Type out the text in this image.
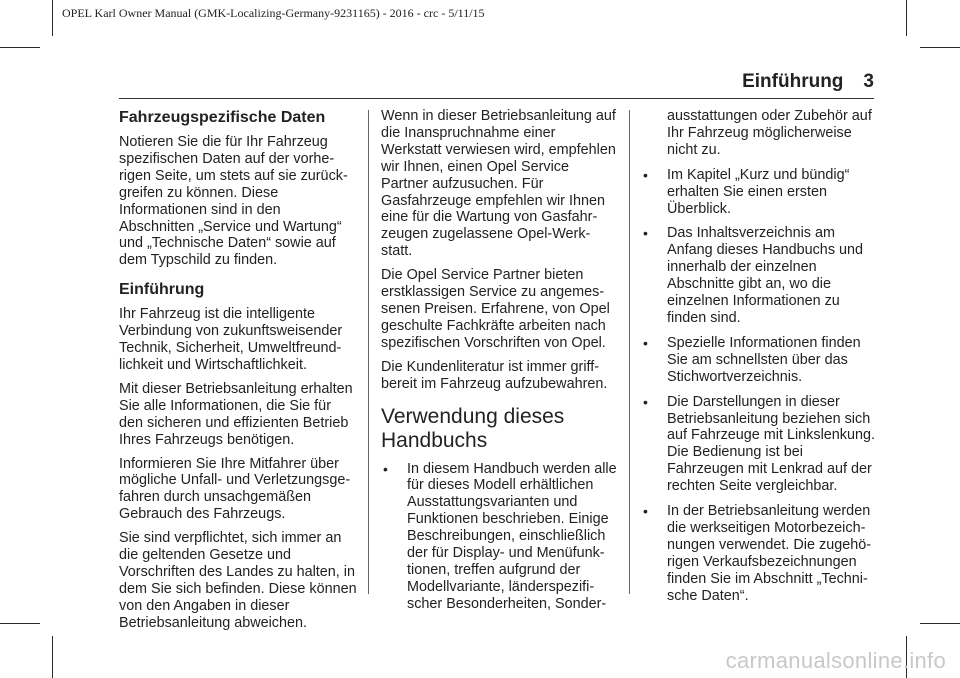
OPEL Karl Owner Manual (GMK-Localizing-Germany-9231165) - 2016 - crc - 5/11/15
Einführung 3
Fahrzeugspezifische Daten

Notieren Sie die für Ihr Fahrzeug spezifischen Daten auf der vorhe-rigen Seite, um stets auf sie zurück-greifen zu können. Diese Informationen sind in den Abschnitten „Service und Wartung“ und „Technische Daten“ sowie auf dem Typschild zu finden.

Einführung

Ihr Fahrzeug ist die intelligente Verbindung von zukunftsweisender Technik, Sicherheit, Umweltfreund-lichkeit und Wirtschaftlichkeit.

Mit dieser Betriebsanleitung erhalten Sie alle Informationen, die Sie für den sicheren und effizienten Betrieb Ihres Fahrzeugs benötigen.

Informieren Sie Ihre Mitfahrer über mögliche Unfall- und Verletzungsge-fahren durch unsachgemäßen Gebrauch des Fahrzeugs.

Sie sind verpflichtet, sich immer an die geltenden Gesetze und Vorschriften des Landes zu halten, in dem Sie sich befinden. Diese können von den Angaben in dieser Betriebsanleitung abweichen.

Wenn in dieser Betriebsanleitung auf die Inanspruchnahme einer Werkstatt verwiesen wird, empfehlen wir Ihnen, einen Opel Service Partner aufzusuchen. Für Gasfahrzeuge empfehlen wir Ihnen eine für die Wartung von Gasfahr-zeugen zugelassene Opel-Werk-statt.

Die Opel Service Partner bieten erstklassigen Service zu angemes-senen Preisen. Erfahrene, von Opel geschulte Fachkräfte arbeiten nach spezifischen Vorschriften von Opel.

Die Kundenliteratur ist immer griff-bereit im Fahrzeug aufzubewahren.

Verwendung dieses Handbuchs
• In diesem Handbuch werden alle für dieses Modell erhältlichen Ausstattungsvarianten und Funktionen beschrieben. Einige Beschreibungen, einschließlich der für Display- und Menüfunk-tionen, treffen aufgrund der Modellvariante, länderspezifi-scher Besonderheiten, Sonder-
ausstattungen oder Zubehör auf Ihr Fahrzeug möglicherweise nicht zu.
• Im Kapitel „Kurz und bündig“ erhalten Sie einen ersten Überblick.
• Das Inhaltsverzeichnis am Anfang dieses Handbuchs und innerhalb der einzelnen Abschnitte gibt an, wo die einzelnen Informationen zu finden sind.
• Spezielle Informationen finden Sie am schnellsten über das Stichwortverzeichnis.
• Die Darstellungen in dieser Betriebsanleitung beziehen sich auf Fahrzeuge mit Linkslenkung. Die Bedienung ist bei Fahrzeugen mit Lenkrad auf der rechten Seite vergleichbar.
• In der Betriebsanleitung werden die werkseitigen Motorbezeich-nungen verwendet. Die zugehö-rigen Verkaufsbezeichnungen finden Sie im Abschnitt „Techni-sche Daten“.
carmanualsonline.info
